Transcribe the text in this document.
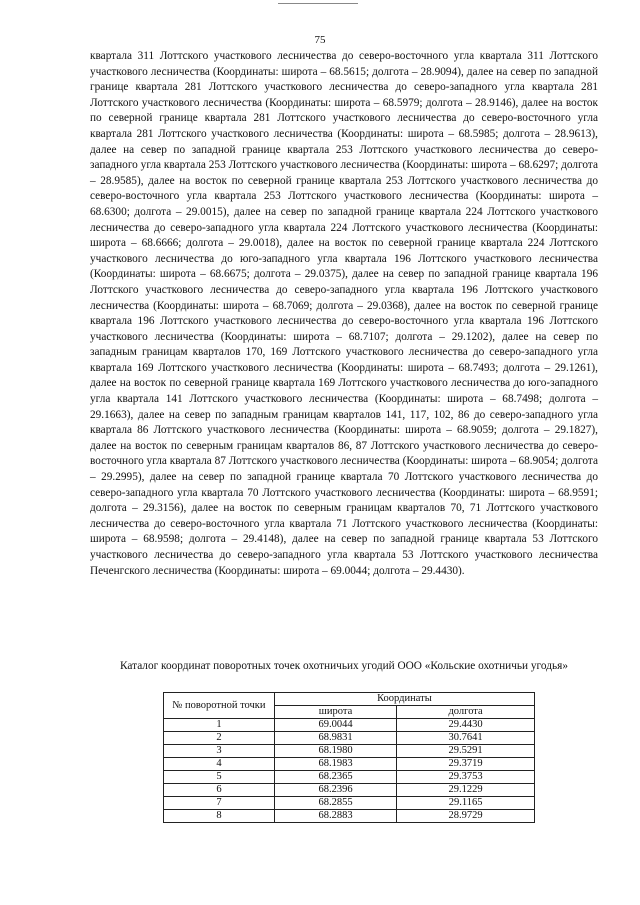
75

квартала 311 Лоттского участкового лесничества до северо-восточного угла квартала 311 Лоттского участкового лесничества (Координаты: широта – 68.5615; долгота – 28.9094), далее на север по западной границе квартала 281 Лоттского участкового лесничества до северо-западного угла квартала 281 Лоттского участкового лесничества (Координаты: широта – 68.5979; долгота – 28.9146), далее на восток по северной границе квартала 281 Лоттского участкового лесничества до северо-восточного угла квартала 281 Лоттского участкового лесничества (Координаты: широта – 68.5985; долгота – 28.9613), далее на север по западной границе квартала 253 Лоттского участкового лесничества до северо-западного угла квартала 253 Лоттского участкового лесничества (Координаты: широта – 68.6297; долгота – 28.9585), далее на восток по северной границе квартала 253 Лоттского участкового лесничества до северо-восточного угла квартала 253 Лоттского участкового лесничества (Координаты: широта – 68.6300; долгота – 29.0015), далее на север по западной границе квартала 224 Лоттского участкового лесничества до северо-западного угла квартала 224 Лоттского участкового лесничества (Координаты: широта – 68.6666; долгота – 29.0018), далее на восток по северной границе квартала 224 Лоттского участкового лесничества до юго-западного угла квартала 196 Лоттского участкового лесничества (Координаты: широта – 68.6675; долгота – 29.0375), далее на север по западной границе квартала 196 Лоттского участкового лесничества до северо-западного угла квартала 196 Лоттского участкового лесничества (Координаты: широта – 68.7069; долгота – 29.0368), далее на восток по северной границе квартала 196 Лоттского участкового лесничества до северо-восточного угла квартала 196 Лоттского участкового лесничества (Координаты: широта – 68.7107; долгота – 29.1202), далее на север по западным границам кварталов 170, 169 Лоттского участкового лесничества до северо-западного угла квартала 169 Лоттского участкового лесничества (Координаты: широта – 68.7493; долгота – 29.1261), далее на восток по северной границе квартала 169 Лоттского участкового лесничества до юго-западного угла квартала 141 Лоттского участкового лесничества (Координаты: широта – 68.7498; долгота – 29.1663), далее на север по западным границам кварталов 141, 117, 102, 86 до северо-западного угла квартала 86 Лоттского участкового лесничества (Координаты: широта – 68.9059; долгота – 29.1827), далее на восток по северным границам кварталов 86, 87 Лоттского участкового лесничества до северо-восточного угла квартала 87 Лоттского участкового лесничества (Координаты: широта – 68.9054; долгота – 29.2995), далее на север по западной границе квартала 70 Лоттского участкового лесничества до северо-западного угла квартала 70 Лоттского участкового лесничества (Координаты: широта – 68.9591; долгота – 29.3156), далее на восток по северным границам кварталов 70, 71 Лоттского участкового лесничества до северо-восточного угла квартала 71 Лоттского участкового лесничества (Координаты: широта – 68.9598; долгота – 29.4148), далее на север по западной границе квартала 53 Лоттского участкового лесничества до северо-западного угла квартала 53 Лоттского участкового лесничества Печенгского лесничества (Координаты: широта – 69.0044; долгота – 29.4430).

Каталог координат поворотных точек охотничьих угодий ООО «Кольские охотничьи угодья»

№ поворотной точки	Координаты	
	широта	долгота
1	69.0044	29.4430
2	68.9831	30.7641
3	68.1980	29.5291
4	68.1983	29.3719
5	68.2365	29.3753
6	68.2396	29.1229
7	68.2855	29.1165
8	68.2883	28.9729
